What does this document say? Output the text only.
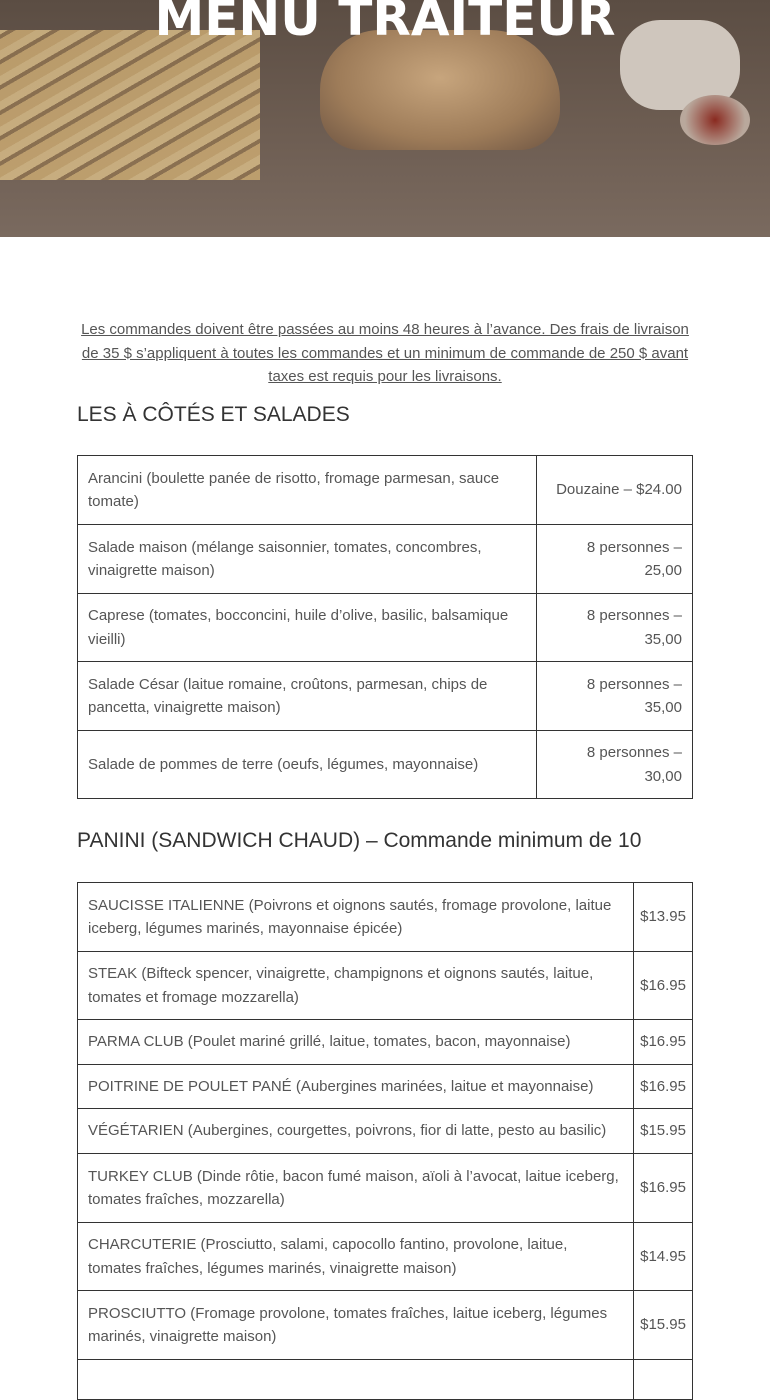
MENU TRAITEUR

Les commandes doivent être passées au moins 48 heures à l’avance. Des frais de livraison de 35 $ s’appliquent à toutes les commandes et un minimum de commande de 250 $ avant taxes est requis pour les livraisons.

LES À CÔTÉS ET SALADES
Arancini (boulette panée de risotto, fromage parmesan, sauce tomate)	Douzaine – $24.00
Salade maison (mélange saisonnier, tomates, concombres, vinaigrette maison)	8 personnes – 25,00
Caprese (tomates, bocconcini, huile d’olive, basilic, balsamique vieilli)	8 personnes – 35,00
Salade César (laitue romaine, croûtons, parmesan, chips de pancetta, vinaigrette maison)	8 personnes – 35,00
Salade de pommes de terre (oeufs, légumes, mayonnaise)	8 personnes – 30,00
PANINI (SANDWICH CHAUD) – Commande minimum de 10
SAUCISSE ITALIENNE (Poivrons et oignons sautés, fromage provolone, laitue iceberg, légumes marinés, mayonnaise épicée)	$13.95
STEAK (Bifteck spencer, vinaigrette, champignons et oignons sautés, laitue, tomates et fromage mozzarella)	$16.95
PARMA CLUB (Poulet mariné grillé, laitue, tomates, bacon, mayonnaise)	$16.95
POITRINE DE POULET PANÉ (Aubergines marinées, laitue et mayonnaise)	$16.95
VÉGÉTARIEN (Aubergines, courgettes, poivrons, fior di latte, pesto au basilic)	$15.95
TURKEY CLUB (Dinde rôtie, bacon fumé maison, aïoli à l’avocat, laitue iceberg, tomates fraîches, mozzarella)	$16.95
CHARCUTERIE (Prosciutto, salami, capocollo fantino, provolone, laitue, tomates fraîches, légumes marinés, vinaigrette maison)	$14.95
PROSCIUTTO (Fromage provolone, tomates fraîches, laitue iceberg, légumes marinés, vinaigrette maison)	$15.95
